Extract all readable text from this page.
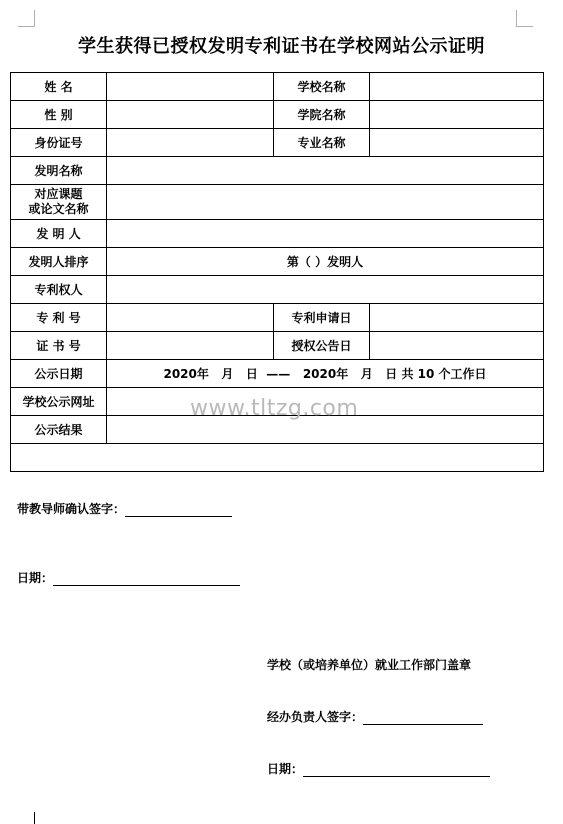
学生获得已授权发明专利证书在学校网站公示证明
姓 名		学校名称	
性 别		学院名称	
身份证号		专业名称	
发明名称			

对应课题
或论文名称			

发 明 人			
发明人排序	第（ ）发明人		
专利权人			
专 利 号		专利申请日	
证 书 号		授权公告日	
公示日期	2020年   月   日  ——   2020年   月   日 共 10 个工作日		
学校公示网址			
公示结果			

带教导师确认签字：
日期：
学校（或培养单位）就业工作部门盖章
经办负责人签字：
日期：			
www.tltzg.com
